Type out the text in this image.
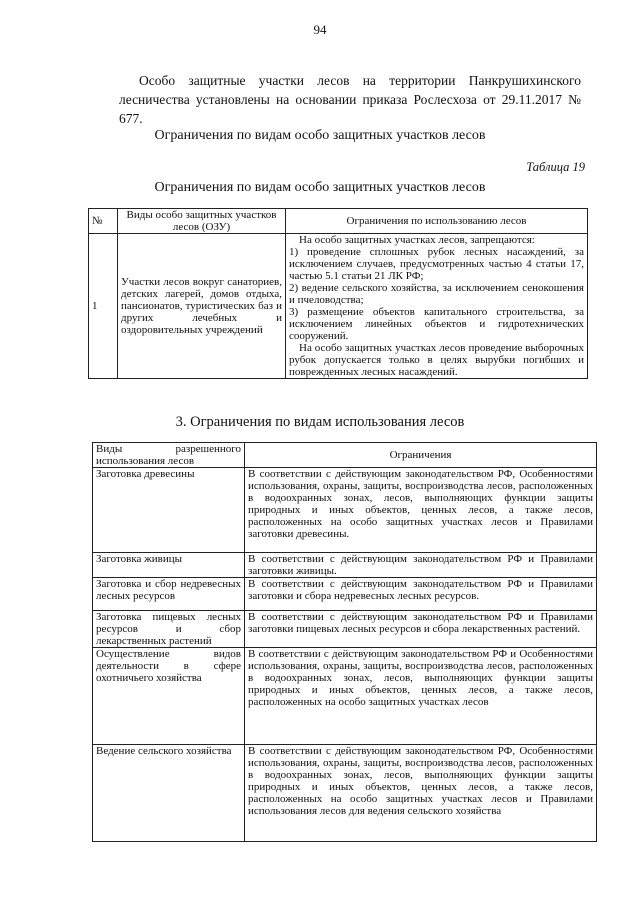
94

Особо защитные участки лесов на территории Панкрушихинского лесничества установлены на основании приказа Рослесхоза от 29.11.2017 № 677.

Ограничения по видам особо защитных участков лесов
Таблица 19
Ограничения по видам особо защитных участков лесов
№	Виды особо защитных участков лесов (ОЗУ)	Ограничения по использованию лесов
1	Участки лесов вокруг санаториев, детских лагерей, домов отдыха, пансионатов, туристических баз и других лечебных и оздоровительных учреждений	На особо защитных участках лесов, запрещаются:
1) проведение сплошных рубок лесных насаждений, за исключением случаев, предусмотренных частью 4 статьи 17, частью 5.1 статьи 21 ЛК РФ;
2) ведение сельского хозяйства, за исключением сенокошения и пчеловодства;
3) размещение объектов капитального строительства, за исключением линейных объектов и гидротехнических сооружений.
На особо защитных участках лесов проведение выборочных рубок допускается только в целях вырубки погибших и поврежденных лесных насаждений.
3. Ограничения по видам использования лесов
Виды разрешенного использования лесов	Ограничения
Заготовка древесины	В соответствии с действующим законодательством РФ, Особенностями использования, охраны, защиты, воспроизводства лесов, расположенных в водоохранных зонах, лесов, выполняющих функции защиты природных и иных объектов, ценных лесов, а также лесов, расположенных на особо защитных участках лесов и Правилами заготовки древесины.
Заготовка живицы	В соответствии с действующим законодательством РФ и Правилами заготовки живицы.
Заготовка и сбор недревесных лесных ресурсов	В соответствии с действующим законодательством РФ и Правилами заготовки и сбора недревесных лесных ресурсов.
Заготовка пищевых лесных ресурсов и сбор лекарственных растений	В соответствии с действующим законодательством РФ и Правилами заготовки пищевых лесных ресурсов и сбора лекарственных растений.
Осуществление видов деятельности в сфере охотничьего хозяйства	В соответствии с действующим законодательством РФ и Особенностями использования, охраны, защиты, воспроизводства лесов, расположенных в водоохранных зонах, лесов, выполняющих функции защиты природных и иных объектов, ценных лесов, а также лесов, расположенных на особо защитных участках лесов
Ведение сельского хозяйства	В соответствии с действующим законодательством РФ, Особенностями использования, охраны, защиты, воспроизводства лесов, расположенных в водоохранных зонах, лесов, выполняющих функции защиты природных и иных объектов, ценных лесов, а также лесов, расположенных на особо защитных участках лесов и Правилами использования лесов для ведения сельского хозяйства
